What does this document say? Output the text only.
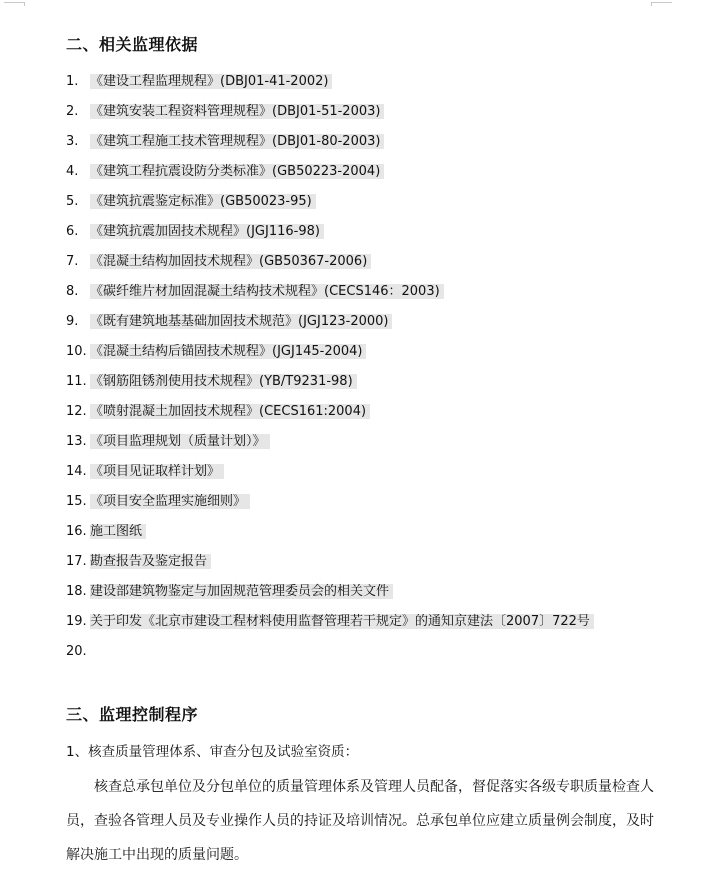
二、相关监理依据
1. 《建设工程监理规程》(DBJ01-41-2002)
2. 《建筑安装工程资料管理规程》(DBJ01-51-2003)
3. 《建筑工程施工技术管理规程》(DBJ01-80-2003)
4. 《建筑工程抗震设防分类标准》(GB50223-2004)
5. 《建筑抗震鉴定标准》(GB50023-95)
6. 《建筑抗震加固技术规程》(JGJ116-98)
7. 《混凝土结构加固技术规程》(GB50367-2006)
8. 《碳纤维片材加固混凝土结构技术规程》(CECS146：2003)
9. 《既有建筑地基基础加固技术规范》(JGJ123-2000)
10. 《混凝土结构后锚固技术规程》(JGJ145-2004)
11. 《钢筋阻锈剂使用技术规程》(YB/T9231-98)
12. 《喷射混凝土加固技术规程》(CECS161:2004)
13. 《项目监理规划（质量计划）》
14. 《项目见证取样计划》
15. 《项目安全监理实施细则》
16. 施工图纸
17. 勘查报告及鉴定报告
18. 建设部建筑物鉴定与加固规范管理委员会的相关文件
19. 关于印发《北京市建设工程材料使用监督管理若干规定》的通知京建法〔2007〕722号
20.
三、监理控制程序
1、核查质量管理体系、审查分包及试验室资质：
核查总承包单位及分包单位的质量管理体系及管理人员配备，督促落实各级专职质量检查人员，查验各管理人员及专业操作人员的持证及培训情况。总承包单位应建立质量例会制度，及时解决施工中出现的质量问题。
